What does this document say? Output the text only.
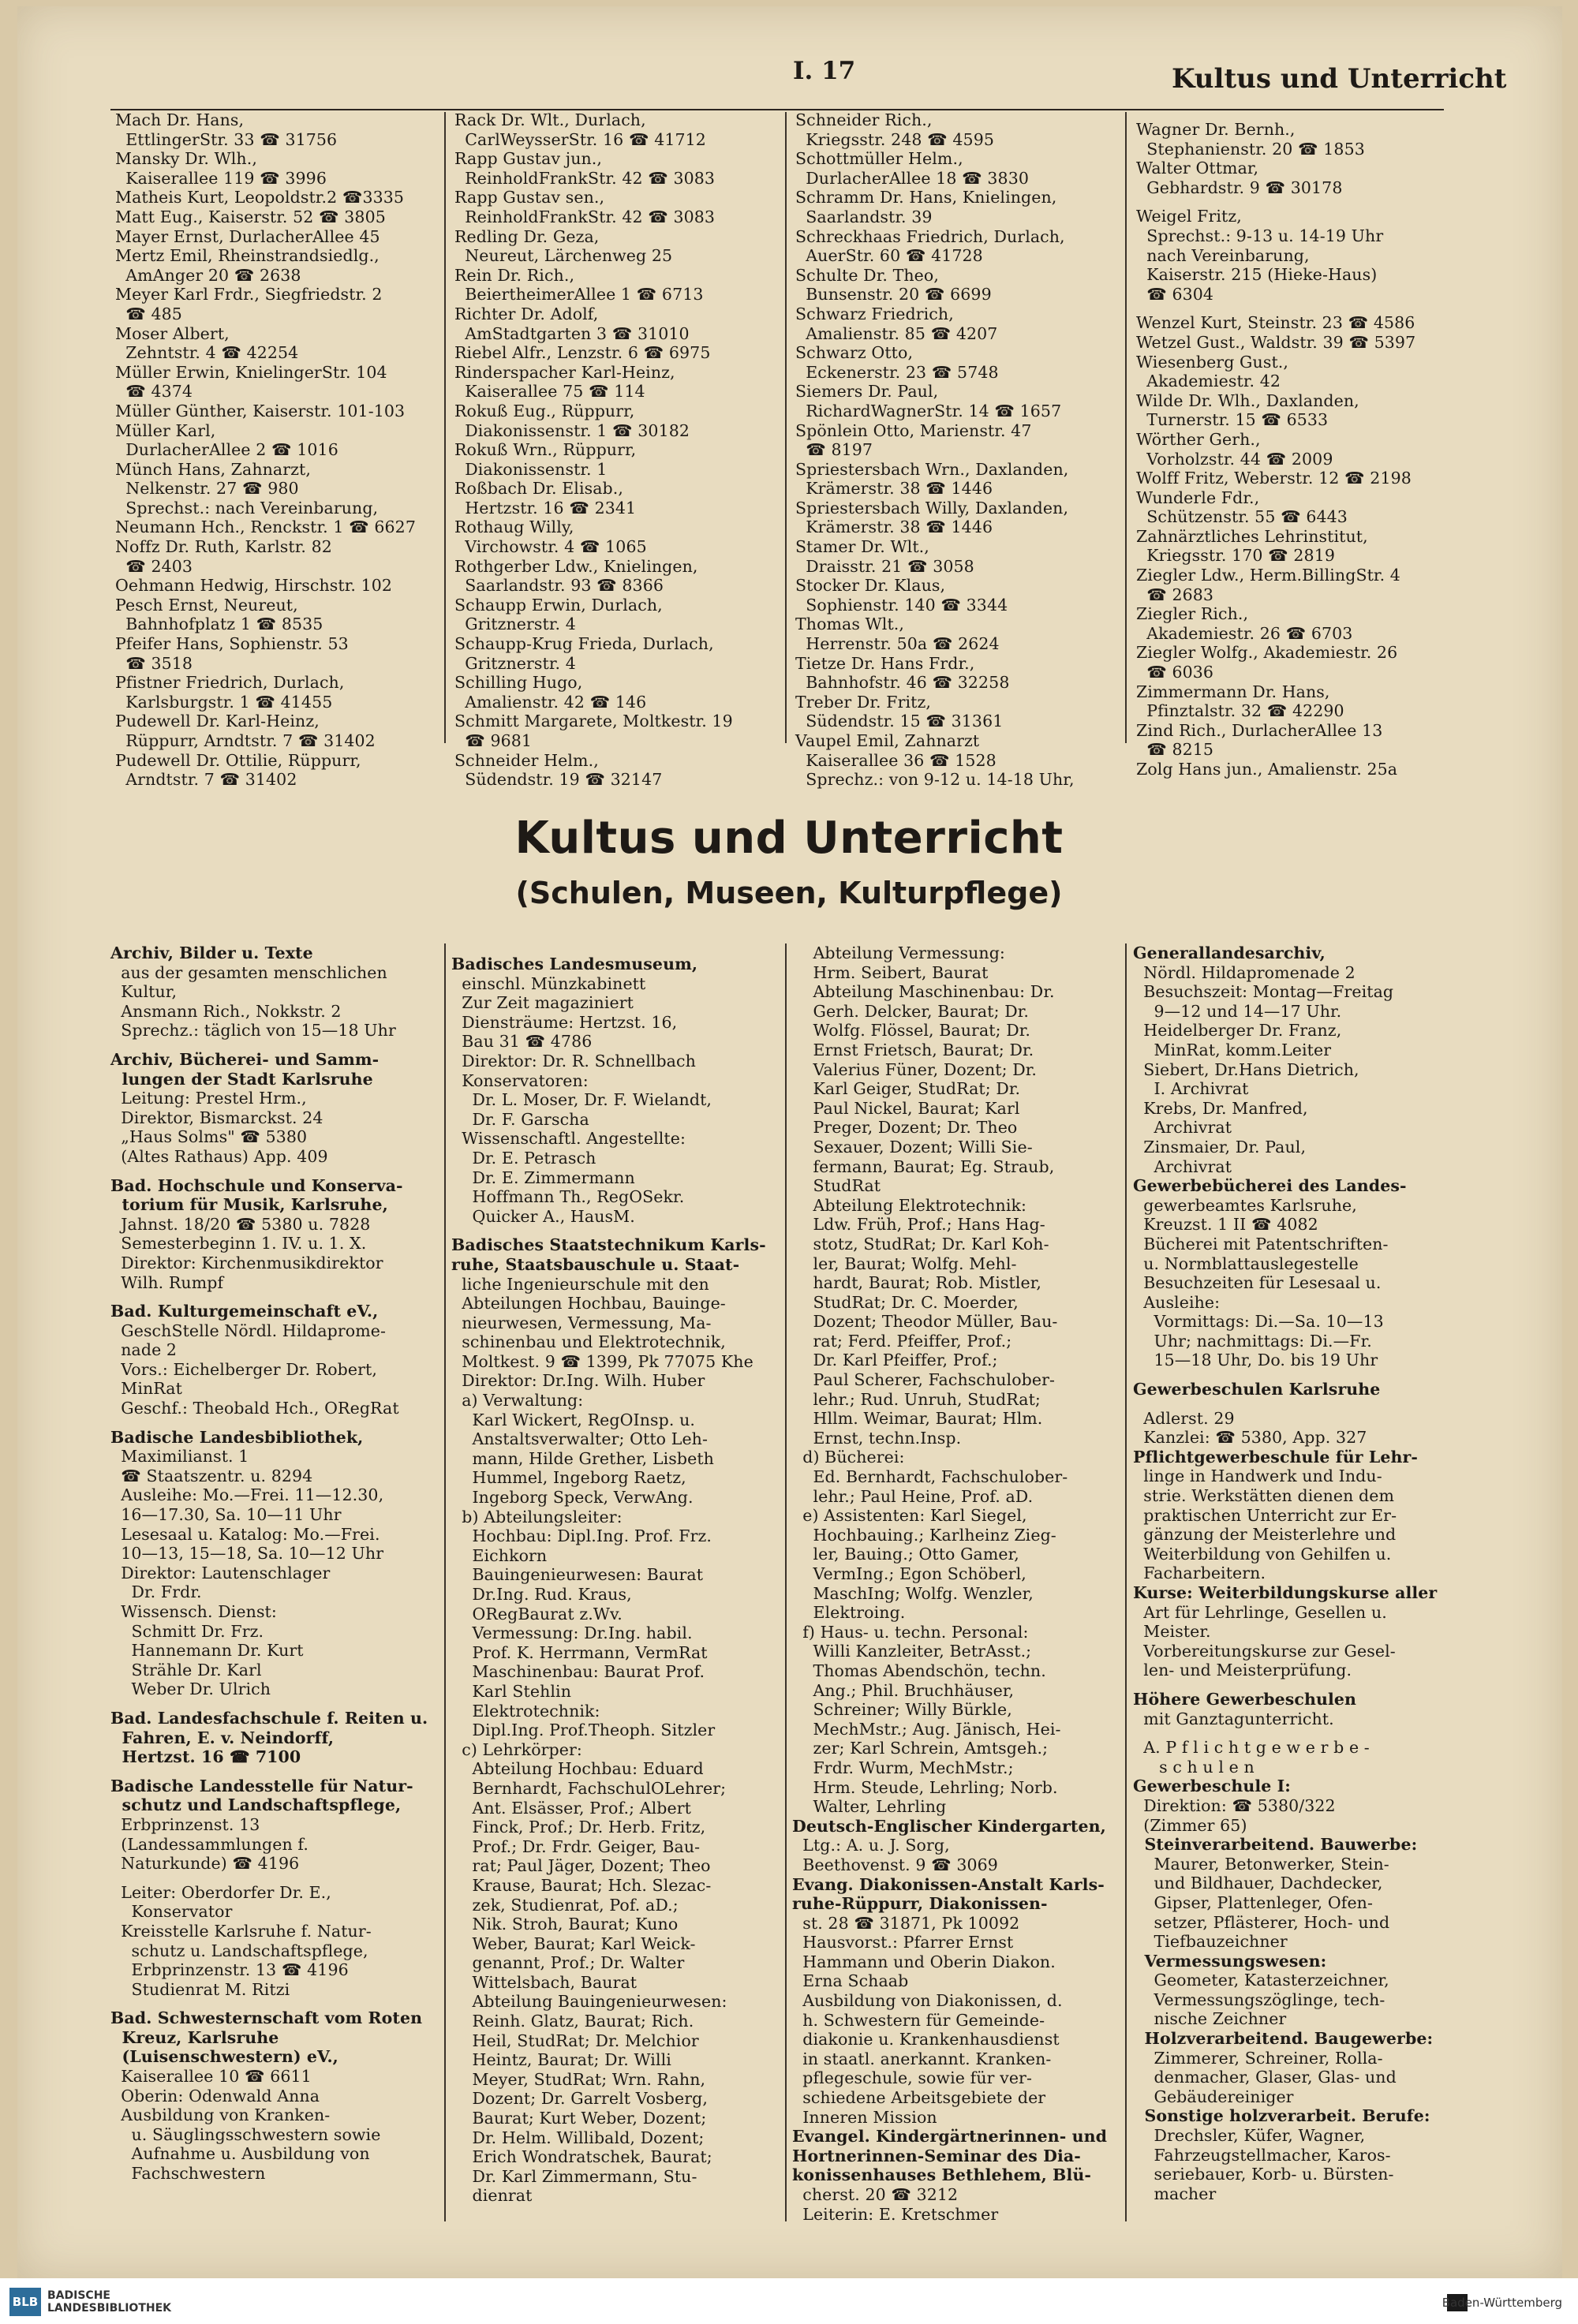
I. 17	Kultus und Unterricht
Mach Dr. Hans,
EttlingerStr. 33 ☎ 31756
Mansky Dr. Wlh.,
Kaiserallee 119 ☎ 3996
Matheis Kurt, Leopoldstr.2 ☎3335
Matt Eug., Kaiserstr. 52 ☎ 3805
Mayer Ernst, DurlacherAllee 45
Mertz Emil, Rheinstrandsiedlg.,
AmAnger 20 ☎ 2638
Meyer Karl Frdr., Siegfriedstr. 2
☎ 485
Moser Albert,
Zehntstr. 4 ☎ 42254
Müller Erwin, KnielingerStr. 104
☎ 4374
Müller Günther, Kaiserstr. 101-103
Müller Karl,
DurlacherAllee 2 ☎ 1016
Münch Hans, Zahnarzt,
Nelkenstr. 27 ☎ 980
Sprechst.: nach Vereinbarung,
Neumann Hch., Renckstr. 1 ☎ 6627
Noffz Dr. Ruth, Karlstr. 82
☎ 2403
Oehmann Hedwig, Hirschstr. 102
Pesch Ernst, Neureut,
Bahnhofplatz 1 ☎ 8535
Pfeifer Hans, Sophienstr. 53
☎ 3518
Pfistner Friedrich, Durlach,
Karlsburgstr. 1 ☎ 41455
Pudewell Dr. Karl-Heinz,
Rüppurr, Arndtstr. 7 ☎ 31402
Pudewell Dr. Ottilie, Rüppurr,
Arndtstr. 7 ☎ 31402
Rack Dr. Wlt., Durlach,
CarlWeysserStr. 16 ☎ 41712
Rapp Gustav jun.,
ReinholdFrankStr. 42 ☎ 3083
Rapp Gustav sen.,
ReinholdFrankStr. 42 ☎ 3083
Redling Dr. Geza,
Neureut, Lärchenweg 25
Rein Dr. Rich.,
BeiertheimerAllee 1 ☎ 6713
Richter Dr. Adolf,
AmStadtgarten 3 ☎ 31010
Riebel Alfr., Lenzstr. 6 ☎ 6975
Rinderspacher Karl-Heinz,
Kaiserallee 75 ☎ 114
Rokuß Eug., Rüppurr,
Diakonissenstr. 1 ☎ 30182
Rokuß Wrn., Rüppurr,
Diakonissenstr. 1
Roßbach Dr. Elisab.,
Hertzstr. 16 ☎ 2341
Rothaug Willy,
Virchowstr. 4 ☎ 1065
Rothgerber Ldw., Knielingen,
Saarlandstr. 93 ☎ 8366
Schaupp Erwin, Durlach,
Gritznerstr. 4
Schaupp-Krug Frieda, Durlach,
Gritznerstr. 4
Schilling Hugo,
Amalienstr. 42 ☎ 146
Schmitt Margarete, Moltkestr. 19
☎ 9681
Schneider Helm.,
Südendstr. 19 ☎ 32147
Schneider Rich.,
Kriegsstr. 248 ☎ 4595
Schottmüller Helm.,
DurlacherAllee 18 ☎ 3830
Schramm Dr. Hans, Knielingen,
Saarlandstr. 39
Schreckhaas Friedrich, Durlach,
AuerStr. 60 ☎ 41728
Schulte Dr. Theo,
Bunsenstr. 20 ☎ 6699
Schwarz Friedrich,
Amalienstr. 85 ☎ 4207
Schwarz Otto,
Eckenerstr. 23 ☎ 5748
Siemers Dr. Paul,
RichardWagnerStr. 14 ☎ 1657
Spönlein Otto, Marienstr. 47
☎ 8197
Spriestersbach Wrn., Daxlanden,
Krämerstr. 38 ☎ 1446
Spriestersbach Willy, Daxlanden,
Krämerstr. 38 ☎ 1446
Stamer Dr. Wlt.,
Draisstr. 21 ☎ 3058
Stocker Dr. Klaus,
Sophienstr. 140 ☎ 3344
Thomas Wlt.,
Herrenstr. 50a ☎ 2624
Tietze Dr. Hans Frdr.,
Bahnhofstr. 46 ☎ 32258
Treber Dr. Fritz,
Südendstr. 15 ☎ 31361
Vaupel Emil, Zahnarzt
Kaiserallee 36 ☎ 1528
Sprechz.: von 9-12 u. 14-18 Uhr,
Wagner Dr. Bernh.,
Stephanienstr. 20 ☎ 1853
Walter Ottmar,
Gebhardstr. 9 ☎ 30178
Weigel Fritz,
Sprechst.: 9-13 u. 14-19 Uhr
nach Vereinbarung,
Kaiserstr. 215 (Hieke-Haus)
☎ 6304
Wenzel Kurt, Steinstr. 23 ☎ 4586
Wetzel Gust., Waldstr. 39 ☎ 5397
Wiesenberg Gust.,
Akademiestr. 42
Wilde Dr. Wlh., Daxlanden,
Turnerstr. 15 ☎ 6533
Wörther Gerh.,
Vorholzstr. 44 ☎ 2009
Wolff Fritz, Weberstr. 12 ☎ 2198
Wunderle Fdr.,
Schützenstr. 55 ☎ 6443
Zahnärztliches Lehrinstitut,
Kriegsstr. 170 ☎ 2819
Ziegler Ldw., Herm.BillingStr. 4
☎ 2683
Ziegler Rich.,
Akademiestr. 26 ☎ 6703
Ziegler Wolfg., Akademiestr. 26
☎ 6036
Zimmermann Dr. Hans,
Pfinztalstr. 32 ☎ 42290
Zind Rich., DurlacherAllee 13
☎ 8215
Zolg Hans jun., Amalienstr. 25a
Kultus und Unterricht
(Schulen, Museen, Kulturpflege)
Archiv, Bilder u. Texte
aus der gesamten menschlichen
Kultur,
Ansmann Rich., Nokkstr. 2
Sprechz.: täglich von 15—18 Uhr
Archiv, Bücherei- und Samm-
lungen der Stadt Karlsruhe
Leitung: Prestel Hrm.,
Direktor, Bismarckst. 24
„Haus Solms" ☎ 5380
(Altes Rathaus) App. 409
Bad. Hochschule und Konserva-
torium für Musik, Karlsruhe,
Jahnst. 18/20 ☎ 5380 u. 7828
Semesterbeginn 1. IV. u. 1. X.
Direktor: Kirchenmusikdirektor
Wilh. Rumpf
Bad. Kulturgemeinschaft eV.,
GeschStelle Nördl. Hildaprome-
nade 2
Vors.: Eichelberger Dr. Robert,
MinRat
Geschf.: Theobald Hch., ORegRat
Badische Landesbibliothek,
Maximilianst. 1
☎ Staatszentr. u. 8294
Ausleihe: Mo.—Frei. 11—12.30,
16—17.30, Sa. 10—11 Uhr
Lesesaal u. Katalog: Mo.—Frei.
10—13, 15—18, Sa. 10—12 Uhr
Direktor: Lautenschlager
Dr. Frdr.
Wissensch. Dienst:
Schmitt Dr. Frz.
Hannemann Dr. Kurt
Strähle Dr. Karl
Weber Dr. Ulrich
Bad. Landesfachschule f. Reiten u.
Fahren, E. v. Neindorff,
Hertzst. 16 ☎ 7100
Badische Landesstelle für Natur-
schutz und Landschaftspflege,
Erbprinzenst. 13
(Landessammlungen f.
Naturkunde) ☎ 4196
Leiter: Oberdorfer Dr. E.,
Konservator
Kreisstelle Karlsruhe f. Natur-
schutz u. Landschaftspflege,
Erbprinzenstr. 13 ☎ 4196
Studienrat M. Ritzi
Bad. Schwesternschaft vom Roten
Kreuz, Karlsruhe
(Luisenschwestern) eV.,
Kaiserallee 10 ☎ 6611
Oberin: Odenwald Anna
Ausbildung von Kranken-
u. Säuglingsschwestern sowie
Aufnahme u. Ausbildung von
Fachschwestern
Badisches Landesmuseum,
einschl. Münzkabinett
Zur Zeit magaziniert
Diensträume: Hertzst. 16,
Bau 31 ☎ 4786
Direktor: Dr. R. Schnellbach
Konservatoren:
Dr. L. Moser, Dr. F. Wielandt,
Dr. F. Garscha
Wissenschaftl. Angestellte:
Dr. E. Petrasch
Dr. E. Zimmermann
Hoffmann Th., RegOSekr.
Quicker A., HausM.
Badisches Staatstechnikum Karls-
ruhe, Staatsbauschule u. Staat-
liche Ingenieurschule mit den
Abteilungen Hochbau, Bauinge-
nieurwesen, Vermessung, Ma-
schinenbau und Elektrotechnik,
Moltkest. 9 ☎ 1399, Pk 77075 Khe
Direktor: Dr.Ing. Wilh. Huber
a) Verwaltung:
Karl Wickert, RegOInsp. u.
Anstaltsverwalter; Otto Leh-
mann, Hilde Grether, Lisbeth
Hummel, Ingeborg Raetz,
Ingeborg Speck, VerwAng.
b) Abteilungsleiter:
Hochbau: Dipl.Ing. Prof. Frz.
Eichkorn
Bauingenieurwesen: Baurat
Dr.Ing. Rud. Kraus,
ORegBaurat z.Wv.
Vermessung: Dr.Ing. habil.
Prof. K. Herrmann, VermRat
Maschinenbau: Baurat Prof.
Karl Stehlin
Elektrotechnik:
Dipl.Ing. Prof.Theoph. Sitzler
c) Lehrkörper:
Abteilung Hochbau: Eduard
Bernhardt, FachschulOLehrer;
Ant. Elsässer, Prof.; Albert
Finck, Prof.; Dr. Herb. Fritz,
Prof.; Dr. Frdr. Geiger, Bau-
rat; Paul Jäger, Dozent; Theo
Krause, Baurat; Hch. Slezac-
zek, Studienrat, Pof. aD.;
Nik. Stroh, Baurat; Kuno
Weber, Baurat; Karl Weick-
genannt, Prof.; Dr. Walter
Wittelsbach, Baurat
Abteilung Bauingenieurwesen:
Reinh. Glatz, Baurat; Rich.
Heil, StudRat; Dr. Melchior
Heintz, Baurat; Dr. Willi
Meyer, StudRat; Wrn. Rahn,
Dozent; Dr. Garrelt Vosberg,
Baurat; Kurt Weber, Dozent;
Dr. Helm. Willibald, Dozent;
Erich Wondratschek, Baurat;
Dr. Karl Zimmermann, Stu-
dienrat
Abteilung Vermessung:
Hrm. Seibert, Baurat
Abteilung Maschinenbau: Dr.
Gerh. Delcker, Baurat; Dr.
Wolfg. Flössel, Baurat; Dr.
Ernst Frietsch, Baurat; Dr.
Valerius Füner, Dozent; Dr.
Karl Geiger, StudRat; Dr.
Paul Nickel, Baurat; Karl
Preger, Dozent; Dr. Theo
Sexauer, Dozent; Willi Sie-
fermann, Baurat; Eg. Straub,
StudRat
Abteilung Elektrotechnik:
Ldw. Früh, Prof.; Hans Hag-
stotz, StudRat; Dr. Karl Koh-
ler, Baurat; Wolfg. Mehl-
hardt, Baurat; Rob. Mistler,
StudRat; Dr. C. Moerder,
Dozent; Theodor Müller, Bau-
rat; Ferd. Pfeiffer, Prof.;
Dr. Karl Pfeiffer, Prof.;
Paul Scherer, Fachschulober-
lehr.; Rud. Unruh, StudRat;
Hllm. Weimar, Baurat; Hlm.
Ernst, techn.Insp.
d) Bücherei:
Ed. Bernhardt, Fachschulober-
lehr.; Paul Heine, Prof. aD.
e) Assistenten: Karl Siegel,
Hochbauing.; Karlheinz Zieg-
ler, Bauing.; Otto Gamer,
VermIng.; Egon Schöberl,
MaschIng; Wolfg. Wenzler,
Elektroing.
f) Haus- u. techn. Personal:
Willi Kanzleiter, BetrAsst.;
Thomas Abendschön, techn.
Ang.; Phil. Bruchhäuser,
Schreiner; Willy Bürkle,
MechMstr.; Aug. Jänisch, Hei-
zer; Karl Schrein, Amtsgeh.;
Frdr. Wurm, MechMstr.;
Hrm. Steude, Lehrling; Norb.
Walter, Lehrling
Deutsch-Englischer Kindergarten,
Ltg.: A. u. J. Sorg,
Beethovenst. 9 ☎ 3069
Evang. Diakonissen-Anstalt Karls-
ruhe-Rüppurr, Diakonissen-
st. 28 ☎ 31871, Pk 10092
Hausvorst.: Pfarrer Ernst
Hammann und Oberin Diakon.
Erna Schaab
Ausbildung von Diakonissen, d.
h. Schwestern für Gemeinde-
diakonie u. Krankenhausdienst
in staatl. anerkannt. Kranken-
pflegeschule, sowie für ver-
schiedene Arbeitsgebiete der
Inneren Mission
Evangel. Kindergärtnerinnen- und
Hortnerinnen-Seminar des Dia-
konissenhauses Bethlehem, Blü-
cherst. 20 ☎ 3212
Leiterin: E. Kretschmer
Generallandesarchiv,
Nördl. Hildapromenade 2
Besuchszeit: Montag—Freitag
9—12 und 14—17 Uhr.
Heidelberger Dr. Franz,
MinRat, komm.Leiter
Siebert, Dr.Hans Dietrich,
I. Archivrat
Krebs, Dr. Manfred,
Archivrat
Zinsmaier, Dr. Paul,
Archivrat
Gewerbebücherei des Landes-
gewerbeamtes Karlsruhe,
Kreuzst. 1 II ☎ 4082
Bücherei mit Patentschriften-
u. Normblattauslegestelle
Besuchzeiten für Lesesaal u.
Ausleihe:
Vormittags: Di.—Sa. 10—13
Uhr; nachmittags: Di.—Fr.
15—18 Uhr, Do. bis 19 Uhr
Gewerbeschulen Karlsruhe
Adlerst. 29
Kanzlei: ☎ 5380, App. 327
Pflichtgewerbeschule für Lehr-
linge in Handwerk und Indu-
strie. Werkstätten dienen dem
praktischen Unterricht zur Er-
gänzung der Meisterlehre und
Weiterbildung von Gehilfen u.
Facharbeitern.
Kurse: Weiterbildungskurse aller
Art für Lehrlinge, Gesellen u.
Meister.
Vorbereitungskurse zur Gesel-
len- und Meisterprüfung.
Höhere Gewerbeschulen
mit Ganztagunterricht.
A. P f l i c h t g e w e r b e -
s c h u l e n
Gewerbeschule I:
Direktion: ☎ 5380/322
(Zimmer 65)
Steinverarbeitend. Bauwerbe:
Maurer, Betonwerker, Stein-
und Bildhauer, Dachdecker,
Gipser, Plattenleger, Ofen-
setzer, Pflästerer, Hoch- und
Tiefbauzeichner
Vermessungswesen:
Geometer, Katasterzeichner,
Vermessungszöglinge, tech-
nische Zeichner
Holzverarbeitend. Baugewerbe:
Zimmerer, Schreiner, Rolla-
denmacher, Glaser, Glas- und
Gebäudereiniger
Sonstige holzverarbeit. Berufe:
Drechsler, Küfer, Wagner,
Fahrzeugstellmacher, Karos-
seriebauer, Korb- u. Bürsten-
macher
BLB BADISCHE
LANDESBIBLIOTHEK	Baden-Württemberg
